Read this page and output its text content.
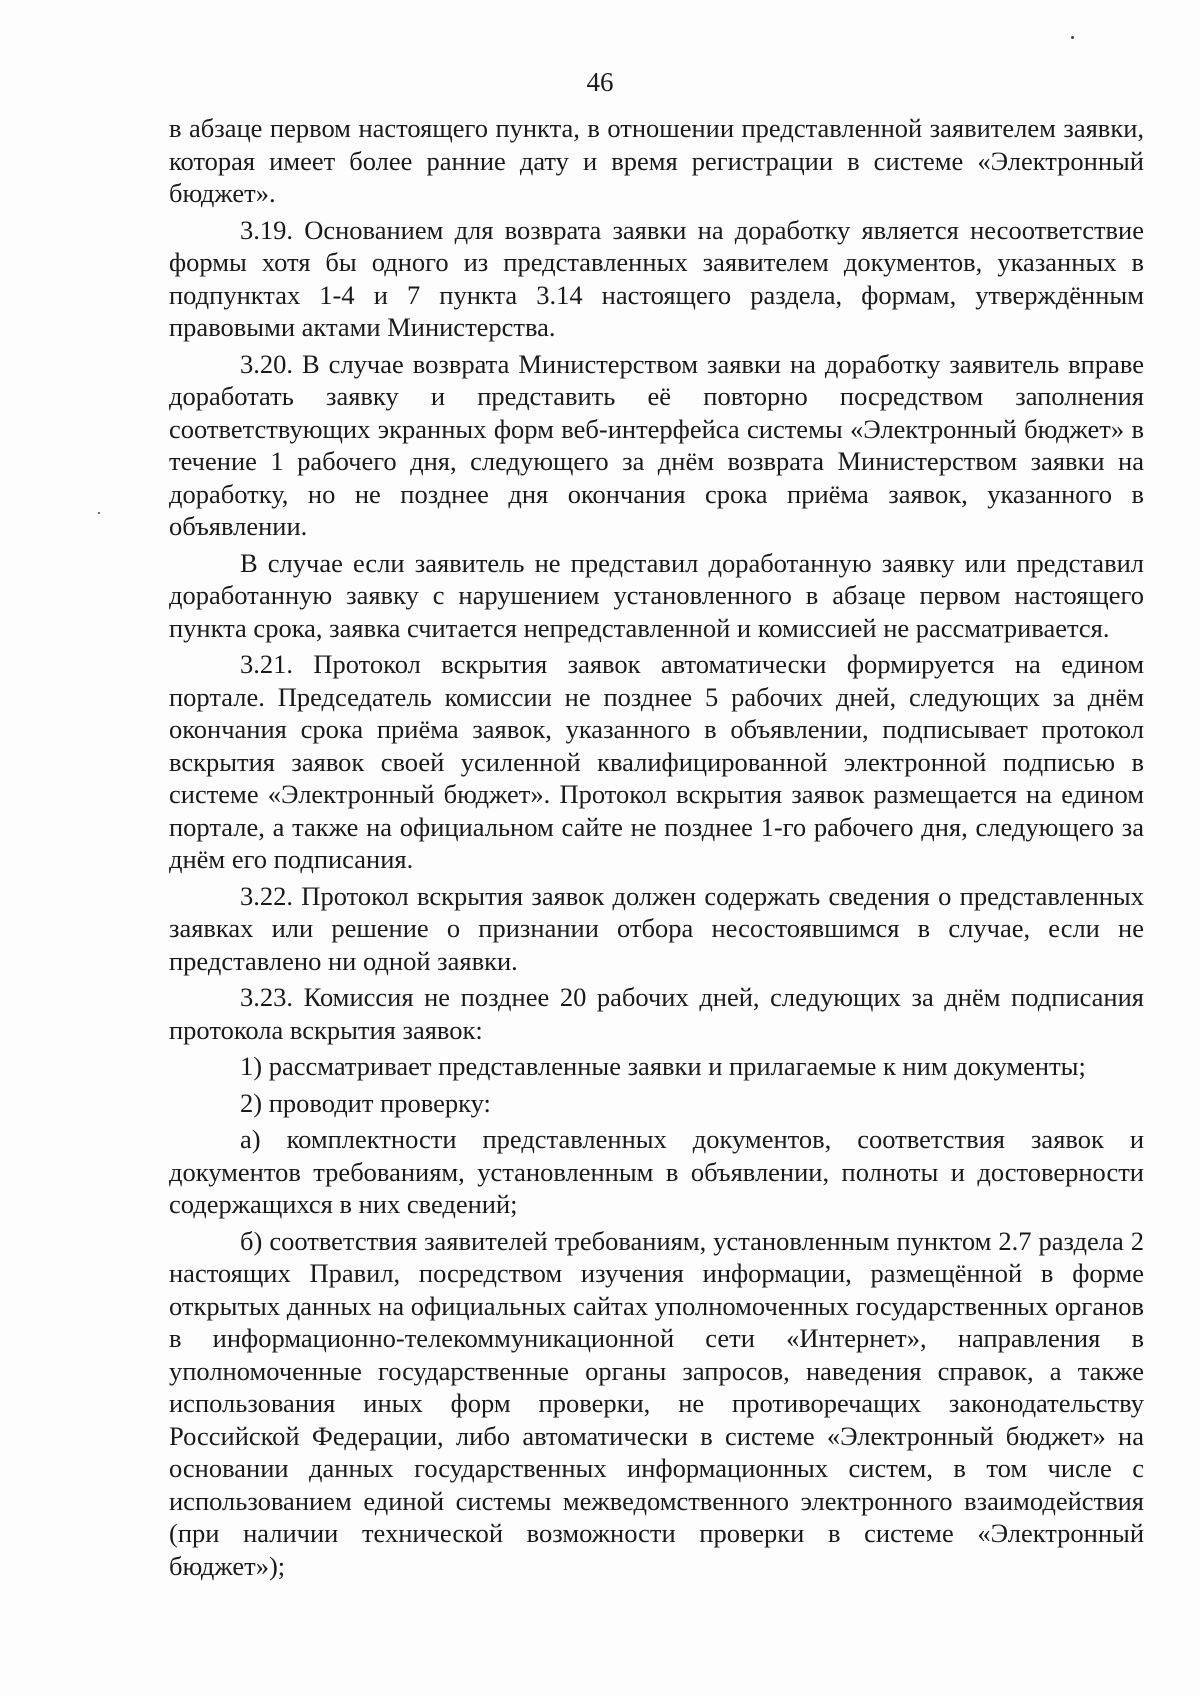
46

в абзаце первом настоящего пункта, в отношении представленной заявителем заявки, которая имеет более ранние дату и время регистрации в системе «Электронный бюджет».

3.19. Основанием для возврата заявки на доработку является несоответствие формы хотя бы одного из представленных заявителем документов, указанных в подпунктах 1-4 и 7 пункта 3.14 настоящего раздела, формам, утверждённым правовыми актами Министерства.

3.20. В случае возврата Министерством заявки на доработку заявитель вправе доработать заявку и представить её повторно посредством заполнения соответствующих экранных форм веб-интерфейса системы «Электронный бюджет» в течение 1 рабочего дня, следующего за днём возврата Министерством заявки на доработку, но не позднее дня окончания срока приёма заявок, указанного в объявлении.

В случае если заявитель не представил доработанную заявку или представил доработанную заявку с нарушением установленного в абзаце первом настоящего пункта срока, заявка считается непредставленной и комиссией не рассматривается.

3.21. Протокол вскрытия заявок автоматически формируется на едином портале. Председатель комиссии не позднее 5 рабочих дней, следующих за днём окончания срока приёма заявок, указанного в объявлении, подписывает протокол вскрытия заявок своей усиленной квалифицированной электронной подписью в системе «Электронный бюджет». Протокол вскрытия заявок размещается на едином портале, а также на официальном сайте не позднее 1-го рабочего дня, следующего за днём его подписания.

3.22. Протокол вскрытия заявок должен содержать сведения о представленных заявках или решение о признании отбора несостоявшимся в случае, если не представлено ни одной заявки.

3.23. Комиссия не позднее 20 рабочих дней, следующих за днём подписания протокола вскрытия заявок:

1) рассматривает представленные заявки и прилагаемые к ним документы;

2) проводит проверку:

а) комплектности представленных документов, соответствия заявок и документов требованиям, установленным в объявлении, полноты и достоверности содержащихся в них сведений;

б) соответствия заявителей требованиям, установленным пунктом 2.7 раздела 2 настоящих Правил, посредством изучения информации, размещённой в форме открытых данных на официальных сайтах уполномоченных государственных органов в информационно-телекоммуникационной сети «Интернет», направления в уполномоченные государственные органы запросов, наведения справок, а также использования иных форм проверки, не противоречащих законодательству Российской Федерации, либо автоматически в системе «Электронный бюджет» на основании данных государственных информационных систем, в том числе с использованием единой системы межведомственного электронного взаимодействия (при наличии технической возможности проверки в системе «Электронный бюджет»);
